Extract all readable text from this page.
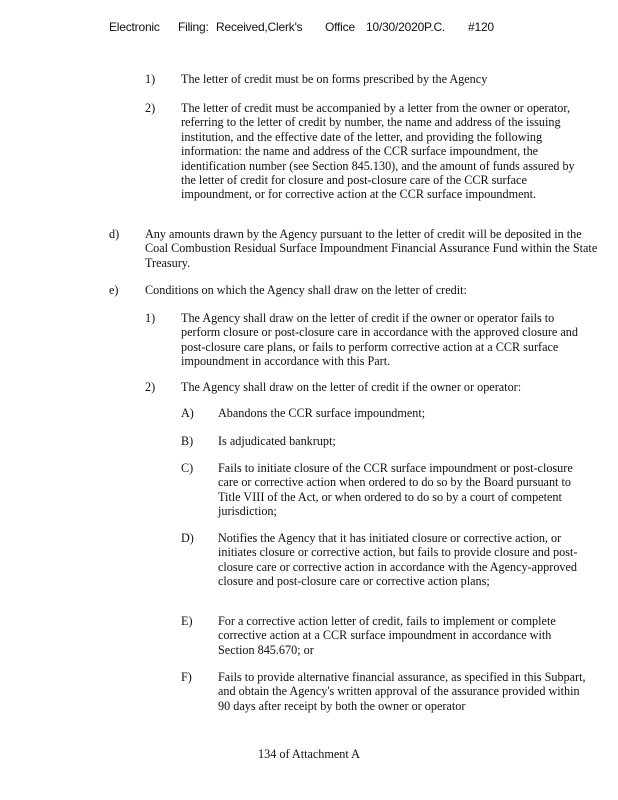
Electronic Filing: Received,Clerk's Office 10/30/2020P.C. #120
1) The letter of credit must be on forms prescribed by the Agency
2) The letter of credit must be accompanied by a letter from the owner or operator, referring to the letter of credit by number, the name and address of the issuing institution, and the effective date of the letter, and providing the following information: the name and address of the CCR surface impoundment, the identification number (see Section 845.130), and the amount of funds assured by the letter of credit for closure and post-closure care of the CCR surface impoundment, or for corrective action at the CCR surface impoundment.
d) Any amounts drawn by the Agency pursuant to the letter of credit will be deposited in the Coal Combustion Residual Surface Impoundment Financial Assurance Fund within the State Treasury.
e) Conditions on which the Agency shall draw on the letter of credit:
1) The Agency shall draw on the letter of credit if the owner or operator fails to perform closure or post-closure care in accordance with the approved closure and post-closure care plans, or fails to perform corrective action at a CCR surface impoundment in accordance with this Part.
2) The Agency shall draw on the letter of credit if the owner or operator:
A) Abandons the CCR surface impoundment;
B) Is adjudicated bankrupt;
C) Fails to initiate closure of the CCR surface impoundment or post-closure care or corrective action when ordered to do so by the Board pursuant to Title VIII of the Act, or when ordered to do so by a court of competent jurisdiction;
D) Notifies the Agency that it has initiated closure or corrective action, or initiates closure or corrective action, but fails to provide closure and post-closure care or corrective action in accordance with the Agency-approved closure and post-closure care or corrective action plans;
E) For a corrective action letter of credit, fails to implement or complete corrective action at a CCR surface impoundment in accordance with Section 845.670; or
F) Fails to provide alternative financial assurance, as specified in this Subpart, and obtain the Agency's written approval of the assurance provided within 90 days after receipt by both the owner or operator
134 of Attachment A
